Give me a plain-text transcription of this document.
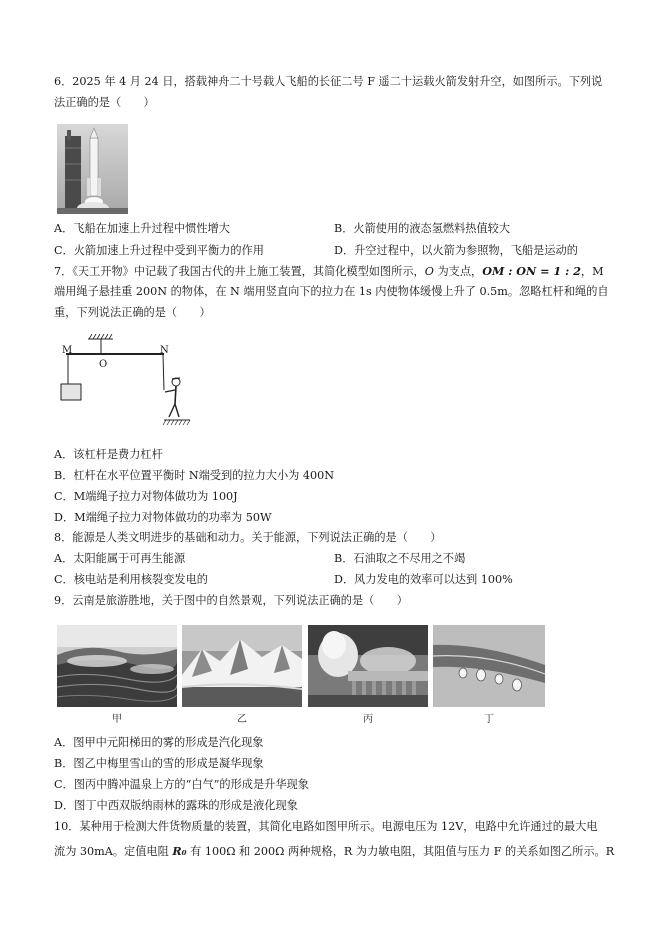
6．2025 年 4 月 24 日，搭载神舟二十号载人飞船的长征二号 F 遥二十运载火箭发射升空，如图所示。下列说
法正确的是（　　）
A．飞船在加速上升过程中惯性增大	B．火箭使用的液态氢燃料热值较大
C．火箭加速上升过程中受到平衡力的作用	D．升空过程中，以火箭为参照物，飞船是运动的
7．《天工开物》中记载了我国古代的井上施工装置，其简化模型如图所示，O 为支点，OM : ON = 1 : 2，M
端用绳子悬挂重 200N 的物体，在 N 端用竖直向下的拉力在 1s 内使物体缓慢上升了 0.5m。忽略杠杆和绳的自
重，下列说法正确的是（　　）
M
O
N
A．该杠杆是费力杠杆
B．杠杆在水平位置平衡时 N端受到的拉力大小为 400N
C．M端绳子拉力对物体做功为 100J
D．M端绳子拉力对物体做功的功率为 50W
8．能源是人类文明进步的基础和动力。关于能源，下列说法正确的是（　　）
A．太阳能属于可再生能源	B．石油取之不尽用之不竭
C．核电站是利用核裂变发电的	D．风力发电的效率可以达到 100%
9．云南是旅游胜地，关于图中的自然景观，下列说法正确的是（　　）
甲	乙	丙	丁
A．图甲中元阳梯田的雾的形成是汽化现象
B．图乙中梅里雪山的雪的形成是凝华现象
C．图丙中腾冲温泉上方的“白气”的形成是升华现象
D．图丁中西双版纳雨林的露珠的形成是液化现象
10．某种用于检测大件货物质量的装置，其简化电路如图甲所示。电源电压为 12V，电路中允许通过的最大电
流为 30mA。定值电阻 R₀ 有 100Ω 和 200Ω 两种规格，R 为力敏电阻，其阻值与压力 F 的关系如图乙所示。R
